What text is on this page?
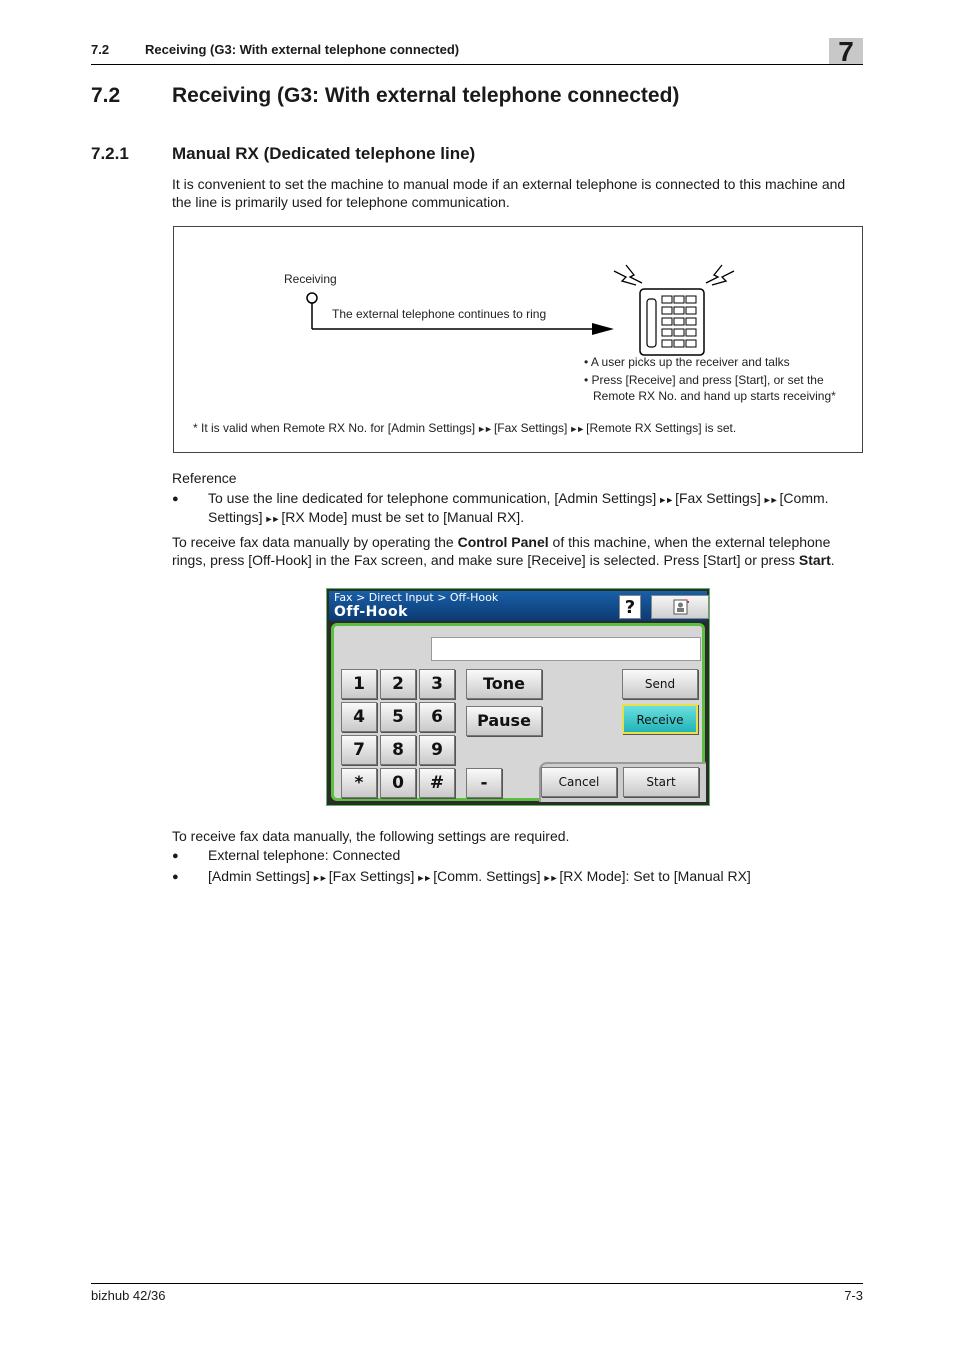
7.2	Receiving (G3: With external telephone connected)	7
7.2 Receiving (G3: With external telephone connected)
7.2.1	Manual RX (Dedicated telephone line)
It is convenient to set the machine to manual mode if an external telephone is connected to this machine and
the line is primarily used for telephone communication.
Receiving
The external telephone continues to ring
• A user picks up the receiver and talks
• Press [Receive] and press [Start], or set the
Remote RX No. and hand up starts receiving*
* It is valid when Remote RX No. for [Admin Settings] ►► [Fax Settings] ►► [Remote RX Settings] is set.
Reference
● To use the line dedicated for telephone communication, [Admin Settings] ►► [Fax Settings] ►► [Comm.
Settings] ►► [RX Mode] must be set to [Manual RX].
To receive fax data manually by operating the Control Panel of this machine, when the external telephone
rings, press [Off-Hook] in the Fax screen, and make sure [Receive] is selected. Press [Start] or press Start.
Fax > Direct Input > Off-Hook
Off-Hook	?
1	2	3
4	5	6
7	8	9
*	0	#
Tone
Pause
-
Send
Receive
Cancel	Start
To receive fax data manually, the following settings are required.
● External telephone: Connected
● [Admin Settings] ►► [Fax Settings] ►► [Comm. Settings] ►► [RX Mode]: Set to [Manual RX]
bizhub 42/36	7-3
